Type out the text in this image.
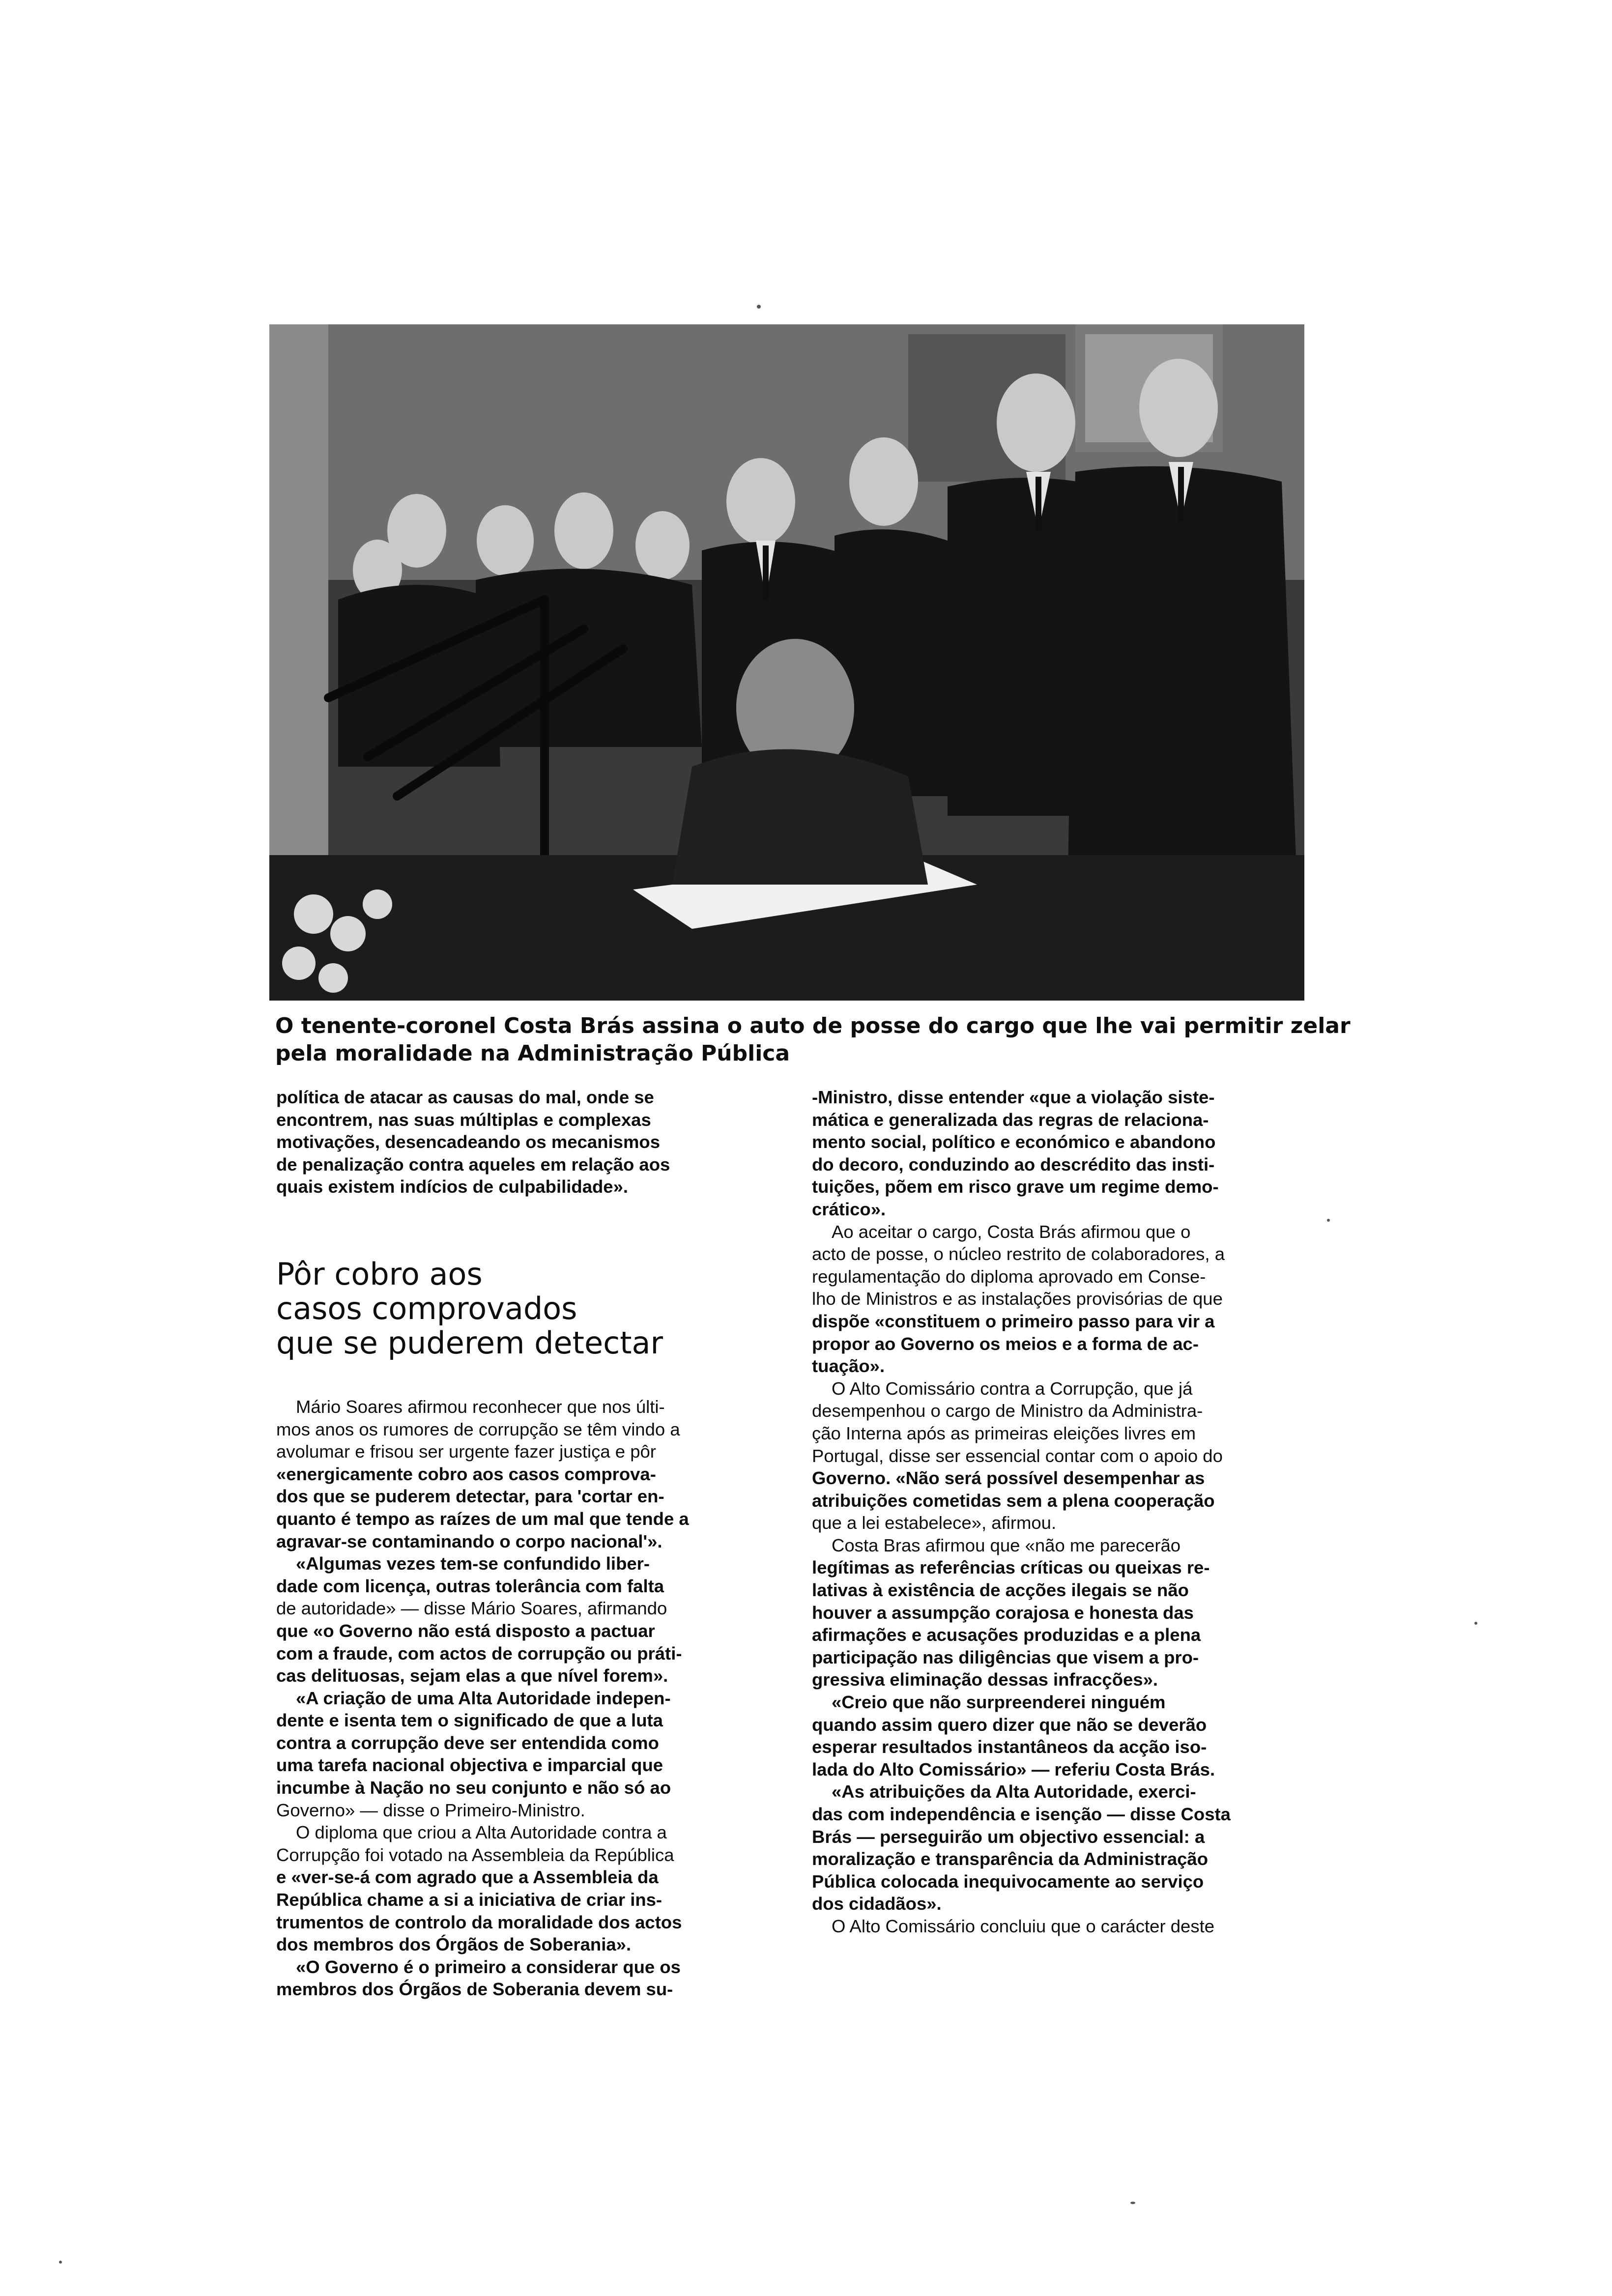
O tenente-coronel Costa Brás assina o auto de posse do cargo que lhe vai permitir zelar
pela moralidade na Administração Pública

política de atacar as causas do mal, onde se
encontrem, nas suas múltiplas e complexas
motivações, desencadeando os mecanismos
de penalização contra aqueles em relação aos
quais existem indícios de culpabilidade».

Pôr cobro aos
casos comprovados
que se puderem detectar

Mário Soares afirmou reconhecer que nos últi-
mos anos os rumores de corrupção se têm vindo a
avolumar e frisou ser urgente fazer justiça e pôr
«energicamente cobro aos casos comprova-
dos que se puderem detectar, para 'cortar en-
quanto é tempo as raízes de um mal que tende a
agravar-se contaminando o corpo nacional'».

«Algumas vezes tem-se confundido liber-
dade com licença, outras tolerância com falta
de autoridade» — disse Mário Soares, afirmando
que «o Governo não está disposto a pactuar
com a fraude, com actos de corrupção ou práti-
cas delituosas, sejam elas a que nível forem».

«A criação de uma Alta Autoridade indepen-
dente e isenta tem o significado de que a luta
contra a corrupção deve ser entendida como
uma tarefa nacional objectiva e imparcial que
incumbe à Nação no seu conjunto e não só ao
Governo» — disse o Primeiro-Ministro.

O diploma que criou a Alta Autoridade contra a
Corrupção foi votado na Assembleia da República
e «ver-se-á com agrado que a Assembleia da
República chame a si a iniciativa de criar ins-
trumentos de controlo da moralidade dos actos
dos membros dos Órgãos de Soberania».

«O Governo é o primeiro a considerar que os
membros dos Órgãos de Soberania devem su-

-Ministro, disse entender «que a violação siste-
mática e generalizada das regras de relaciona-
mento social, político e económico e abandono
do decoro, conduzindo ao descrédito das insti-
tuições, põem em risco grave um regime demo-
crático».

Ao aceitar o cargo, Costa Brás afirmou que o
acto de posse, o núcleo restrito de colaboradores, a
regulamentação do diploma aprovado em Conse-
lho de Ministros e as instalações provisórias de que
dispõe «constituem o primeiro passo para vir a
propor ao Governo os meios e a forma de ac-
tuação».

O Alto Comissário contra a Corrupção, que já
desempenhou o cargo de Ministro da Administra-
ção Interna após as primeiras eleições livres em
Portugal, disse ser essencial contar com o apoio do
Governo. «Não será possível desempenhar as
atribuições cometidas sem a plena cooperação
que a lei estabelece», afirmou.

Costa Bras afirmou que «não me parecerão
legítimas as referências críticas ou queixas re-
lativas à existência de acções ilegais se não
houver a assumpção corajosa e honesta das
afirmações e acusações produzidas e a plena
participação nas diligências que visem a pro-
gressiva eliminação dessas infracções».

«Creio que não surpreenderei ninguém
quando assim quero dizer que não se deverão
esperar resultados instantâneos da acção iso-
lada do Alto Comissário» — referiu Costa Brás.

«As atribuições da Alta Autoridade, exerci-
das com independência e isenção — disse Costa
Brás — perseguirão um objectivo essencial: a
moralização e transparência da Administração
Pública colocada inequivocamente ao serviço
dos cidadãos».

O Alto Comissário concluiu que o carácter deste
